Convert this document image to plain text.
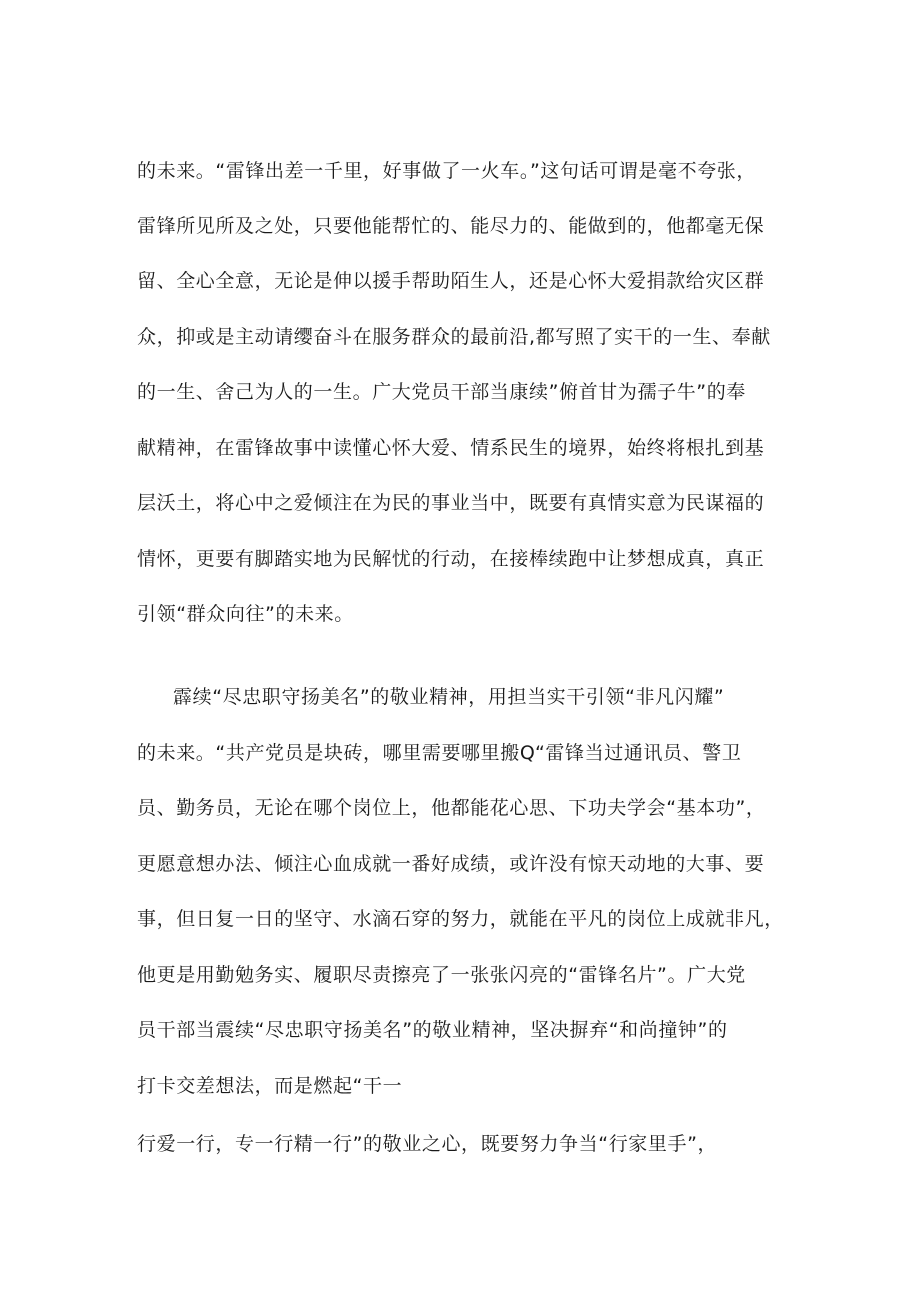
的未来。“雷锋出差一千里，好事做了一火车。”这句话可谓是毫不夸张，
雷锋所见所及之处，只要他能帮忙的、能尽力的、能做到的，他都毫无保
留、全心全意，无论是伸以援手帮助陌生人，还是心怀大爱捐款给灾区群
众，抑或是主动请缨奋斗在服务群众的最前沿,都写照了实干的一生、奉献
的一生、舍己为人的一生。广大党员干部当康续”俯首甘为孺子牛”的奉
献精神，在雷锋故事中读懂心怀大爱、情系民生的境界，始终将根扎到基
层沃土，将心中之爱倾注在为民的事业当中，既要有真情实意为民谋福的
情怀，更要有脚踏实地为民解忧的行动，在接棒续跑中让梦想成真，真正
引领“群众向往”的未来。
霹续“尽忠职守扬美名”的敬业精神，用担当实干引领“非凡闪耀”
的未来。“共产党员是块砖，哪里需要哪里搬Q“雷锋当过通讯员、警卫
员、勤务员，无论在哪个岗位上，他都能花心思、下功夫学会“基本功”，
更愿意想办法、倾注心血成就一番好成绩，或许没有惊天动地的大事、要
事，但日复一日的坚守、水滴石穿的努力，就能在平凡的岗位上成就非凡，
他更是用勤勉务实、履职尽责擦亮了一张张闪亮的“雷锋名片”。广大党
员干部当震续“尽忠职守扬美名”的敬业精神，坚决摒弃“和尚撞钟”的
打卡交差想法，而是燃起“干一
行爱一行，专一行精一行”的敬业之心，既要努力争当“行家里手”，
